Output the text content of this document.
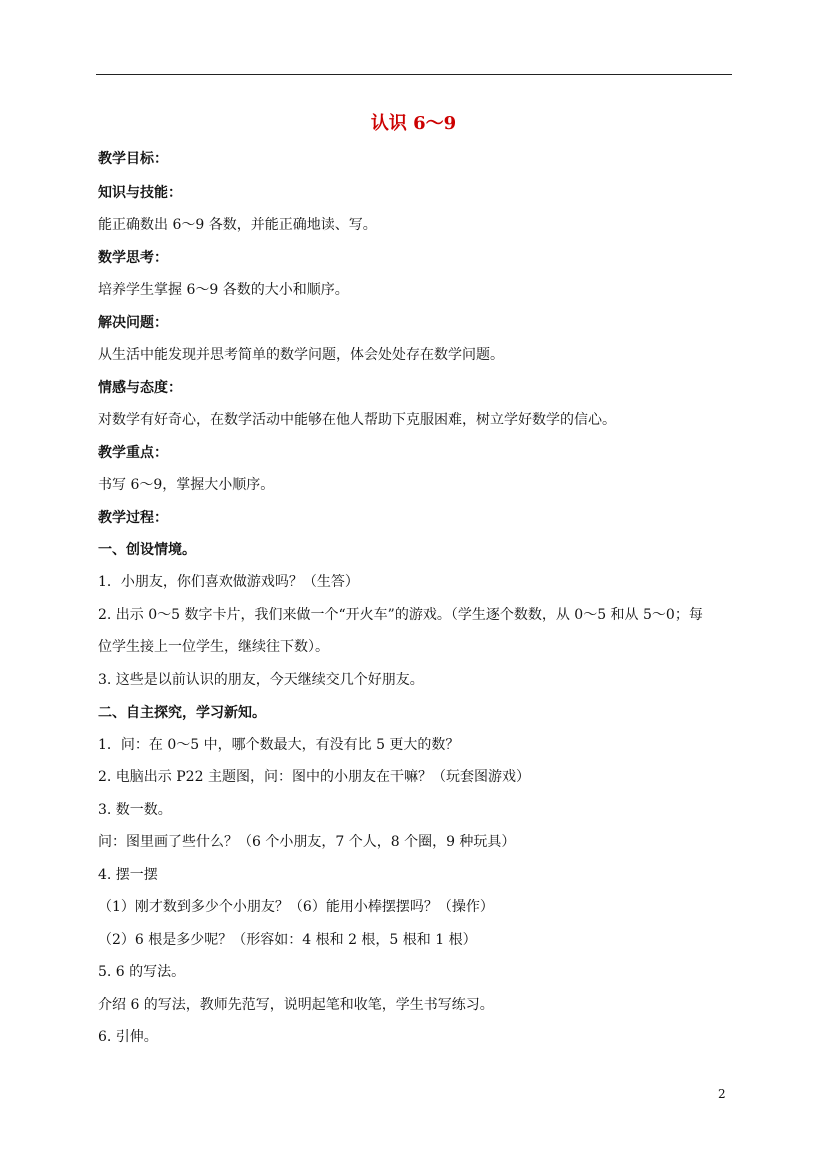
认识 6～9
教学目标：
知识与技能：
能正确数出 6～9 各数，并能正确地读、写。
数学思考：
培养学生掌握 6～9 各数的大小和顺序。
解决问题：
从生活中能发现并思考简单的数学问题，体会处处存在数学问题。
情感与态度：
对数学有好奇心，在数学活动中能够在他人帮助下克服困难，树立学好数学的信心。
教学重点：
书写 6～9，掌握大小顺序。
教学过程：
一、创设情境。
1．小朋友，你们喜欢做游戏吗？（生答）
2. 出示 0～5 数字卡片，我们来做一个“开火车”的游戏。（学生逐个数数，从 0～5 和从 5～0；每
位学生接上一位学生，继续往下数）。
3. 这些是以前认识的朋友，今天继续交几个好朋友。
二、自主探究，学习新知。
1．问：在 0～5 中，哪个数最大，有没有比 5 更大的数？
2. 电脑出示 P22 主题图，问：图中的小朋友在干嘛？（玩套图游戏）
3. 数一数。
问：图里画了些什么？（6 个小朋友，7 个人，8 个圈，9 种玩具）
4. 摆一摆
（1）刚才数到多少个小朋友？（6）能用小棒摆摆吗？（操作）
（2）6 根是多少呢？（形容如：4 根和 2 根，5 根和 1 根）
5. 6 的写法。
介绍 6 的写法，教师先范写，说明起笔和收笔，学生书写练习。
6. 引伸。
2
